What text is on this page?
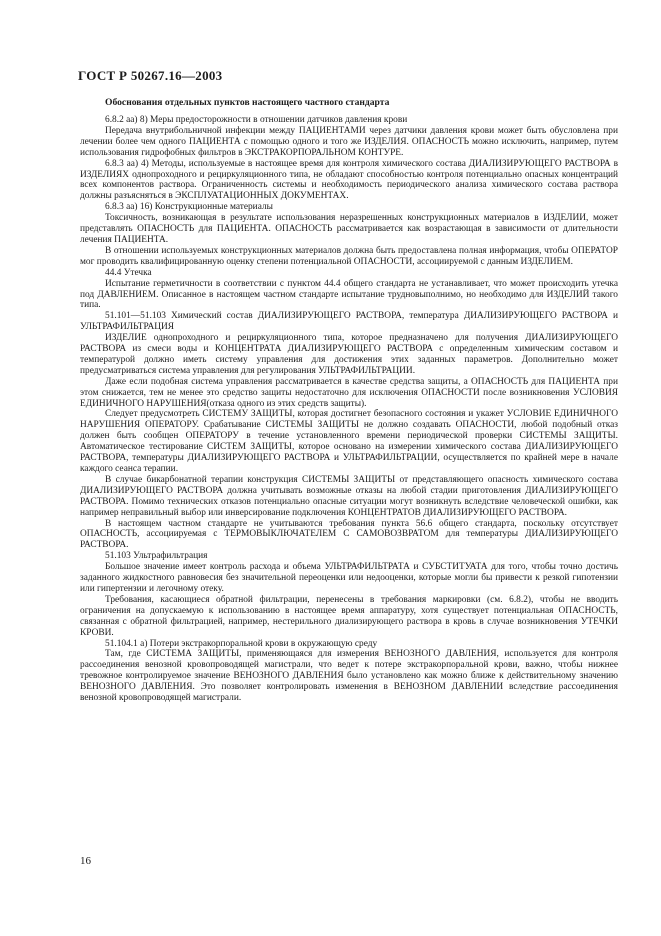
ГОСТ Р 50267.16—2003
Обоснования отдельных пунктов настоящего частного стандарта

6.8.2 аа) 8) Меры предосторожности в отношении датчиков давления крови

Передача внутрибольничной инфекции между ПАЦИЕНТАМИ через датчики давления крови может быть обусловлена при лечении более чем одного ПАЦИЕНТА с помощью одного и того же ИЗДЕЛИЯ. ОПАСНОСТЬ можно исключить, например, путем использования гидрофобных фильтров в ЭКСТРАКОРПОРАЛЬНОМ КОНТУРЕ.

6.8.3 аа) 4) Методы, используемые в настоящее время для контроля химического состава ДИАЛИЗИРУЮЩЕГО РАСТВОРА в ИЗДЕЛИЯХ однопроходного и рециркуляционного типа, не обладают способностью контроля потенциально опасных концентраций всех компонентов раствора. Ограниченность системы и необходимость периодического анализа химического состава раствора должны разъясняться в ЭКСПЛУАТАЦИОННЫХ ДОКУМЕНТАХ.

6.8.3 аа) 16) Конструкционные материалы

Токсичность, возникающая в результате использования неразрешенных конструкционных материалов в ИЗДЕЛИИ, может представлять ОПАСНОСТЬ для ПАЦИЕНТА. ОПАСНОСТЬ рассматривается как возрастающая в зависимости от длительности лечения ПАЦИЕНТА.

В отношении используемых конструкционных материалов должна быть предоставлена полная информация, чтобы ОПЕРАТОР мог проводить квалифицированную оценку степени потенциальной ОПАСНОСТИ, ассоциируемой с данным ИЗДЕЛИЕМ.

44.4 Утечка

Испытание герметичности в соответствии с пунктом 44.4 общего стандарта не устанавливает, что может происходить утечка под ДАВЛЕНИЕМ. Описанное в настоящем частном стандарте испытание трудновыполнимо, но необходимо для ИЗДЕЛИЙ такого типа.

51.101—51.103 Химический состав ДИАЛИЗИРУЮЩЕГО РАСТВОРА, температура ДИАЛИЗИРУЮЩЕГО РАСТВОРА и УЛЬТРАФИЛЬТРАЦИЯ

ИЗДЕЛИЕ однопроходного и рециркуляционного типа, которое предназначено для получения ДИАЛИЗИРУЮЩЕГО РАСТВОРА из смеси воды и КОНЦЕНТРАТА ДИАЛИЗИРУЮЩЕГО РАСТВОРА с определенным химическим составом и температурой должно иметь систему управления для достижения этих заданных параметров. Дополнительно может предусматриваться система управления для регулирования УЛЬТРАФИЛЬТРАЦИИ.

Даже если подобная система управления рассматривается в качестве средства защиты, а ОПАСНОСТЬ для ПАЦИЕНТА при этом снижается, тем не менее это средство защиты недостаточно для исключения ОПАСНОСТИ после возникновения УСЛОВИЯ ЕДИНИЧНОГО НАРУШЕНИЯ(отказа одного из этих средств защиты).

Следует предусмотреть СИСТЕМУ ЗАЩИТЫ, которая достигнет безопасного состояния и укажет УСЛОВИЕ ЕДИНИЧНОГО НАРУШЕНИЯ ОПЕРАТОРУ. Срабатывание СИСТЕМЫ ЗАЩИТЫ не должно создавать ОПАСНОСТИ, любой подобный отказ должен быть сообщен ОПЕРАТОРУ в течение установленного времени периодической проверки СИСТЕМЫ ЗАЩИТЫ. Автоматическое тестирование СИСТЕМ ЗАЩИТЫ, которое основано на измерении химического состава ДИАЛИЗИРУЮЩЕГО РАСТВОРА, температуры ДИАЛИЗИРУЮЩЕГО РАСТВОРА и УЛЬТРАФИЛЬТРАЦИИ, осуществляется по крайней мере в начале каждого сеанса терапии.

В случае бикарбонатной терапии конструкция СИСТЕМЫ ЗАЩИТЫ от представляющего опасность химического состава ДИАЛИЗИРУЮЩЕГО РАСТВОРА должна учитывать возможные отказы на любой стадии приготовления ДИАЛИЗИРУЮЩЕГО РАСТВОРА. Помимо технических отказов потенциально опасные ситуации могут возникнуть вследствие человеческой ошибки, как например неправильный выбор или инверсирование подключения КОНЦЕНТРАТОВ ДИАЛИЗИРУЮЩЕГО РАСТВОРА.

В настоящем частном стандарте не учитываются требования пункта 56.6 общего стандарта, поскольку отсутствует ОПАСНОСТЬ, ассоциируемая с ТЕРМОВЫКЛЮЧАТЕЛЕМ С САМОВОЗВРАТОМ для температуры ДИАЛИЗИРУЮЩЕГО РАСТВОРА.

51.103 Ультрафильтрация

Большое значение имеет контроль расхода и объема УЛЬТРАФИЛЬТРАТА и СУБСТИТУАТА для того, чтобы точно достичь заданного жидкостного равновесия без значительной переоценки или недооценки, которые могли бы привести к резкой гипотензии или гипертензии и легочному отеку.

Требования, касающиеся обратной фильтрации, перенесены в требования маркировки (см. 6.8.2), чтобы не вводить ограничения на допускаемую к использованию в настоящее время аппаратуру, хотя существует потенциальная ОПАСНОСТЬ, связанная с обратной фильтрацией, например, нестерильного диализирующего раствора в кровь в случае возникновения УТЕЧКИ КРОВИ.

51.104.1 а) Потери экстракорпоральной крови в окружающую среду

Там, где СИСТЕМА ЗАЩИТЫ, применяющаяся для измерения ВЕНОЗНОГО ДАВЛЕНИЯ, используется для контроля рассоединения венозной кровопроводящей магистрали, что ведет к потере экстракорпоральной крови, важно, чтобы нижнее тревожное контролируемое значение ВЕНОЗНОГО ДАВЛЕНИЯ было установлено как можно ближе к действительному значению ВЕНОЗНОГО ДАВЛЕНИЯ. Это позволяет контролировать изменения в ВЕНОЗНОМ ДАВЛЕНИИ вследствие рассоединения венозной кровопроводящей магистрали.

16
